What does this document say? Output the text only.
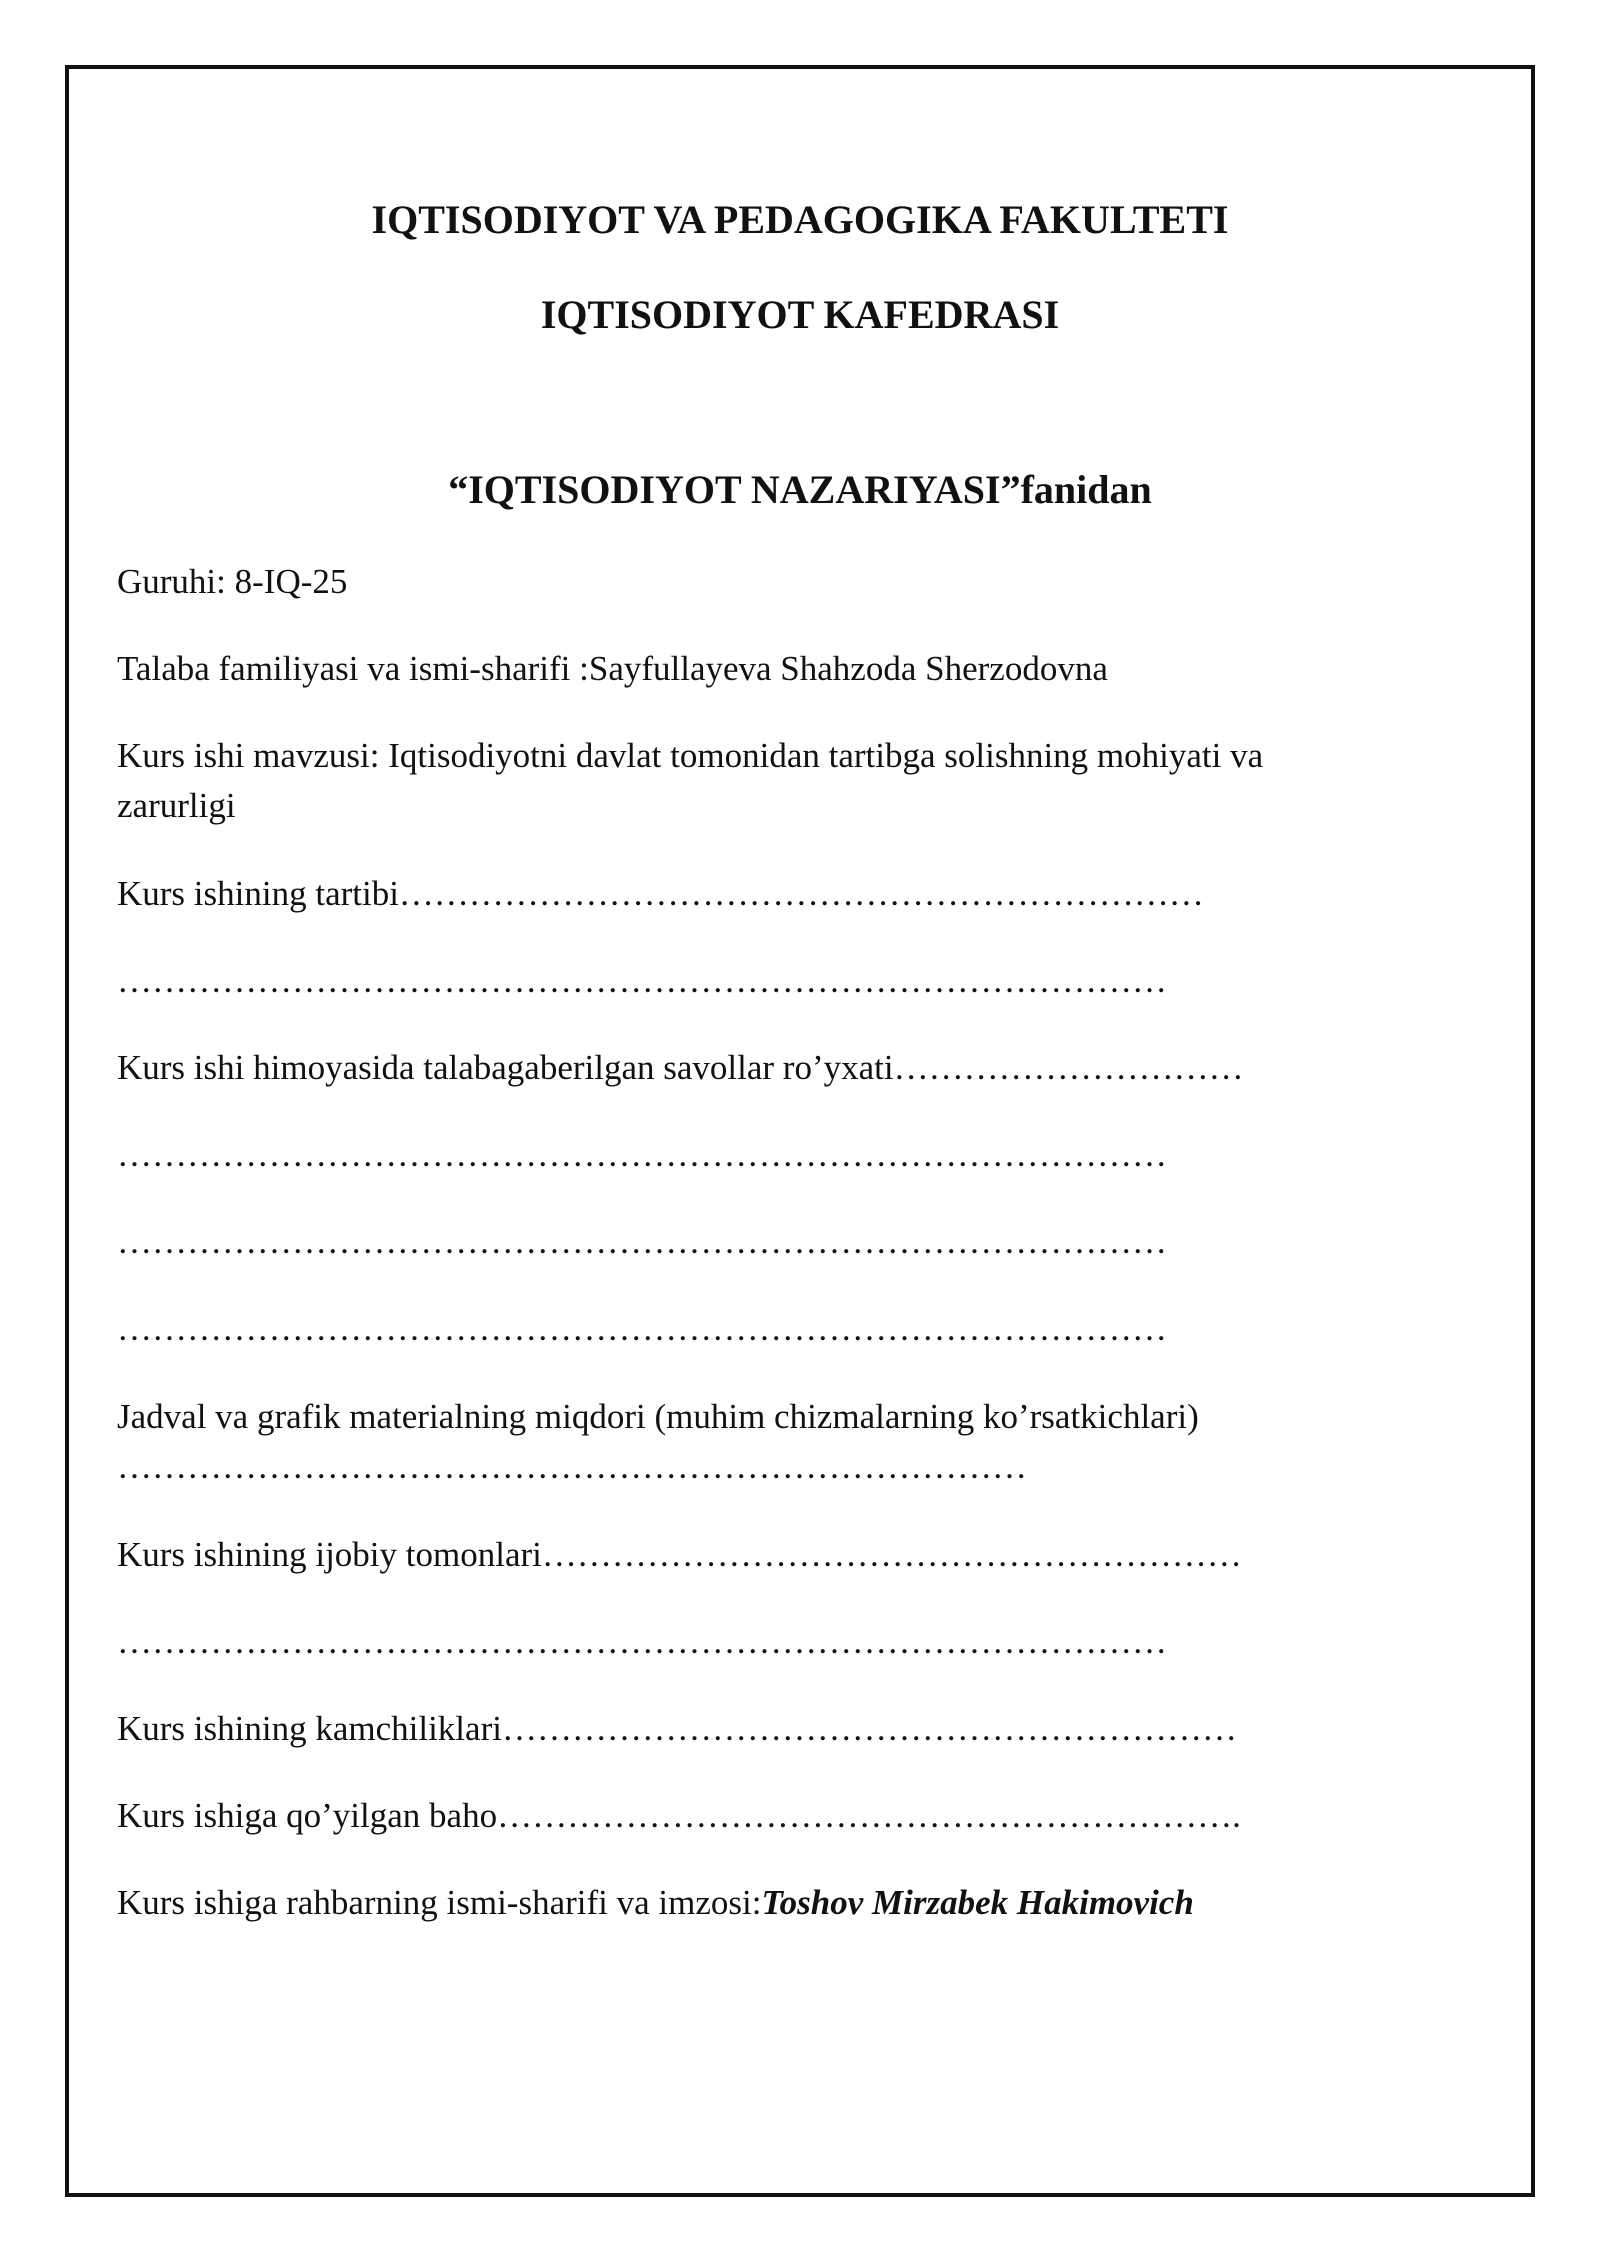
IQTISODIYOT VA PEDAGOGIKA FAKULTETI
IQTISODIYOT KAFEDRASI
“IQTISODIYOT NAZARIYASI”fanidan
Guruhi: 8-IQ-25
Talaba familiyasi va ismi-sharifi :Sayfullayeva Shahzoda Sherzodovna
Kurs ishi mavzusi: Iqtisodiyotni davlat tomonidan tartibga solishning mohiyati va
zarurligi
Kurs ishining tartibi……………………………………………………………
………………………………………………………………………………
Kurs ishi himoyasida talabagaberilgan savollar ro’yxati…………………………
………………………………………………………………………………
………………………………………………………………………………
………………………………………………………………………………
Jadval va grafik materialning miqdori (muhim chizmalarning ko’rsatkichlari)
……………………………………………………………………
Kurs ishining ijobiy tomonlari……………………………………………………
………………………………………………………………………………
Kurs ishining kamchiliklari………………………………………………………
Kurs ishiga qo’yilgan baho……………………………………………………….
Kurs ishiga rahbarning ismi-sharifi va imzosi:Toshov Mirzabek Hakimovich
